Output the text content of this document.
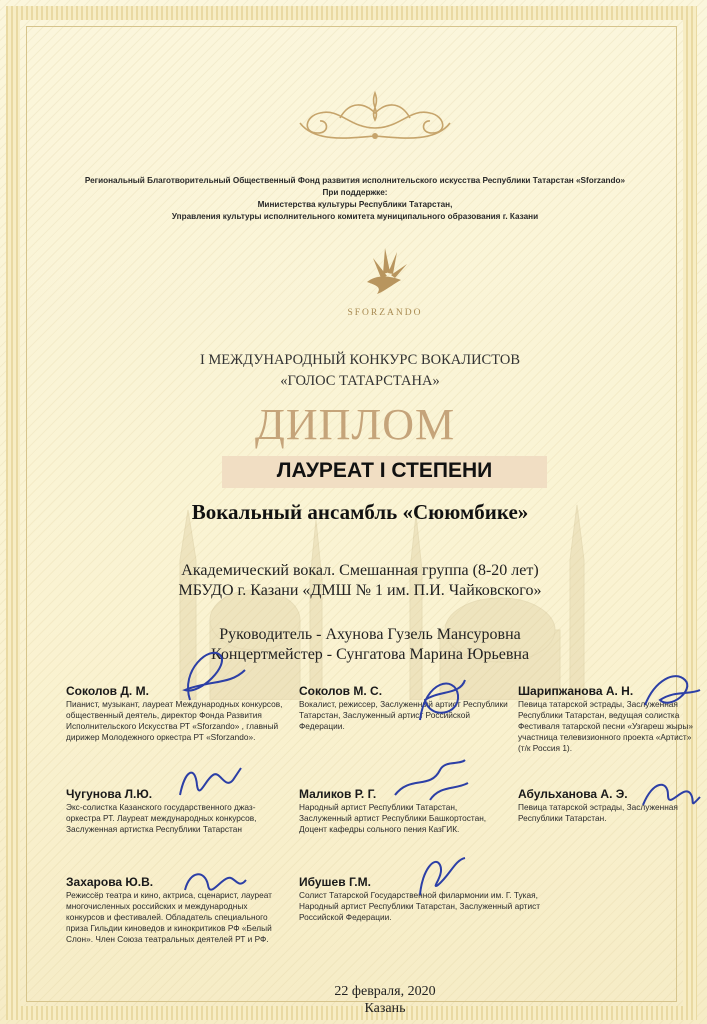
Региональный Благотворительный Общественный Фонд развития исполнительского искусства Республики Татарстан «Sforzando»
При поддержке:
Министерства культуры Республики Татарстан,
Управления культуры исполнительного комитета муниципального образования г. Казани
SFORZANDO
I МЕЖДУНАРОДНЫЙ КОНКУРС ВОКАЛИСТОВ
«ГОЛОС ТАТАРСТАНА»
ДИПЛОМ
ЛАУРЕАТ I СТЕПЕНИ
Вокальный ансамбль «Сююмбике»
Академический вокал. Смешанная группа (8-20 лет)
МБУДО г. Казани «ДМШ № 1 им. П.И. Чайковского»
Руководитель - Ахунова Гузель Мансуровна
Концертмейстер - Сунгатова Марина Юрьевна
Соколов Д. М.
Пианист, музыкант, лауреат Международных конкурсов, общественный деятель, директор Фонда Развития Исполнительского Искусства РТ «Sforzando» , главный дирижер Молодежного оркестра РТ «Sforzando».
Соколов М. С.
Вокалист, режиссер, Заслуженный артист Республики Татарстан, Заслуженный артист Российской Федерации.
Шарипжанова А. Н.
Певица татарской эстрады, Заслуженная Республики Татарстан, ведущая солистка Фестиваля татарской песни «Узгареш жыры» участница телевизионного проекта «Артист» (т/к Россия 1).
Чугунова Л.Ю.
Экс-солистка Казанского государственного джаз-оркестра РТ. Лауреат международных конкурсов, Заслуженная артистка Республики Татарстан
Маликов Р. Г.
Народный артист Республики Татарстан, Заслуженный артист Республики Башкортостан, Доцент кафедры сольного пения КазГИК.
Абульханова А. Э.
Певица татарской эстрады, Заслуженная Республики Татарстан.
Захарова Ю.В.
Режиссёр театра и кино, актриса, сценарист, лауреат многочисленных российских и международных конкурсов и фестивалей. Обладатель специального приза Гильдии киноведов и кинокритиков РФ «Белый Слон». Член Союза театральных деятелей РТ и РФ.
Ибушев Г.М.
Солист Татарской Государственной филармонии им. Г. Тукая, Народный артист Республики Татарстан, Заслуженный артист Российской Федерации.
22 февраля, 2020
Казань
